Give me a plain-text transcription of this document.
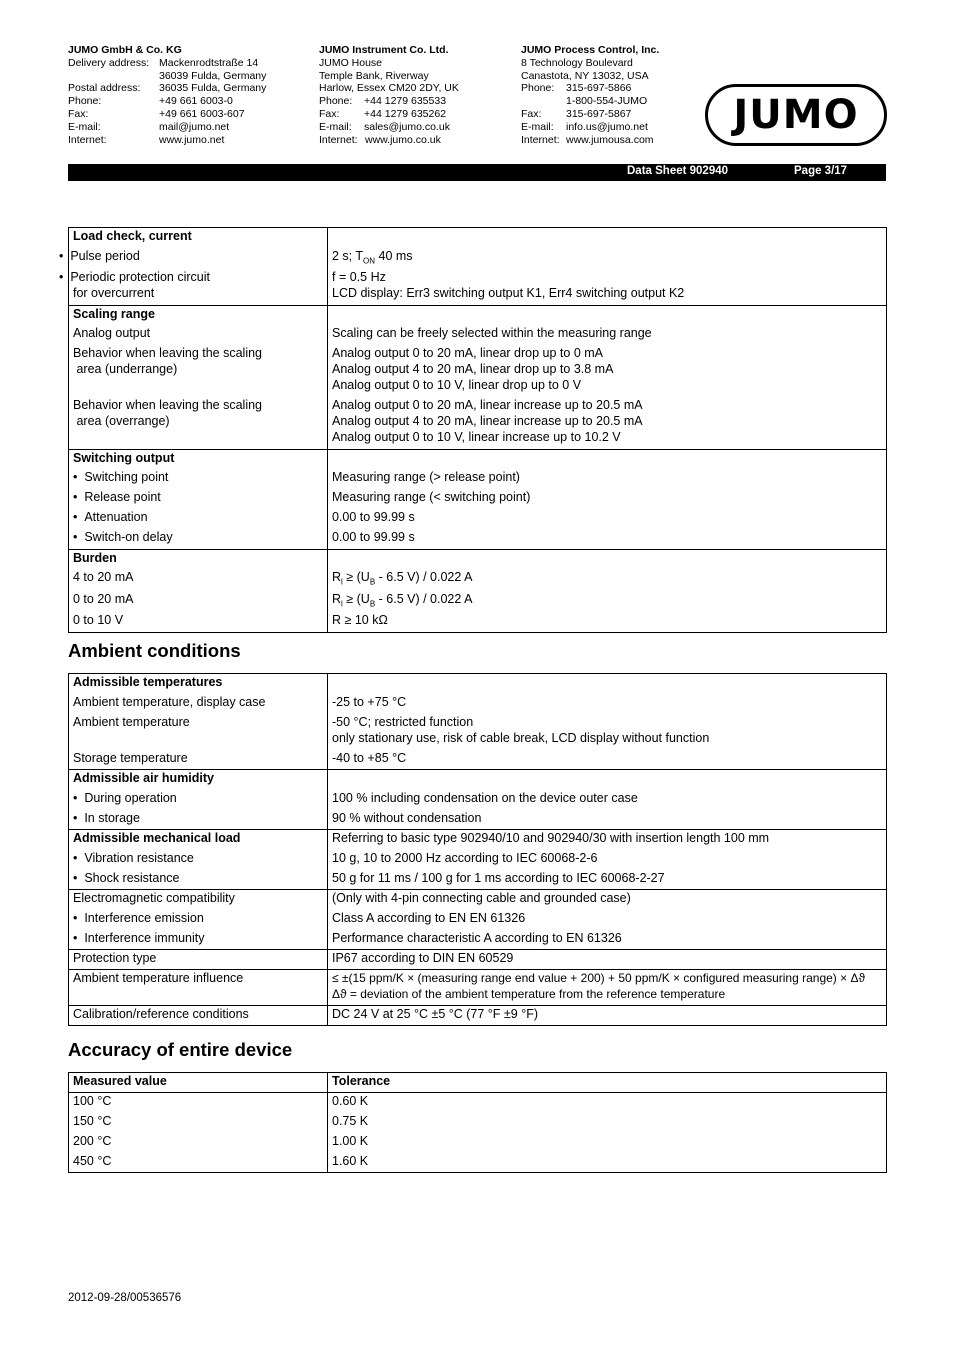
JUMO GmbH & Co. KG
Delivery address: Mackenrodtstraße 14
36039 Fulda, Germany
Postal address:	36035 Fulda, Germany
Phone:	+49 661 6003-0
Fax:	+49 661 6003-607
E-mail:	mail@jumo.net
Internet:	www.jumo.net
JUMO Instrument Co. Ltd.
JUMO House
Temple Bank, Riverway
Harlow, Essex CM20 2DY, UK
Phone:	+44 1279 635533
Fax:	+44 1279 635262
E-mail:	sales@jumo.co.uk
Internet: www.jumo.co.uk
JUMO Process Control, Inc.
8 Technology Boulevard
Canastota, NY 13032, USA
Phone:	315-697-5866
1-800-554-JUMO
Fax:	315-697-5867
E-mail:	info.us@jumo.net
Internet: www.jumousa.com
JUMO
Data Sheet 902940	Page 3/17
Load check, current	
•  Pulse period	2 s; $T_{ON}$ 40 ms
•  Periodic protection circuit
for overcurrent	f = 0.5 Hz
LCD display: Err3 switching output K1, Err4 switching output K2
Scaling range	
Analog output	Scaling can be freely selected within the measuring range
Behavior when leaving the scaling
area (underrange)	Analog output 0 to 20 mA, linear drop up to 0 mA
Analog output 4 to 20 mA, linear drop up to 3.8 mA
Analog output 0 to 10 V, linear drop up to 0 V
Behavior when leaving the scaling
area (overrange)	Analog output 0 to 20 mA, linear increase up to 20.5 mA
Analog output 4 to 20 mA, linear increase up to 20.5 mA
Analog output 0 to 10 V, linear increase up to 10.2 V
Switching output	
•  Switching point	Measuring range (> release point)
•  Release point	Measuring range (< switching point)
•  Attenuation	0.00 to 99.99 s
•  Switch-on delay	0.00 to 99.99 s
Burden	
4 to 20 mA	$R_l \ge (U_B - 6.5$ V) / 0.022 A
0 to 20 mA	$R_l \ge (U_B - 6.5$ V) / 0.022 A
0 to 10 V	R ≥ 10 kΩ
Ambient conditions
Admissible temperatures	
Ambient temperature, display case	-25 to +75 °C
Ambient temperature	-50 °C; restricted function
only stationary use, risk of cable break, LCD display without function
Storage temperature	-40 to +85 °C
Admissible air humidity	
•  During operation	100 % including condensation on the device outer case
•  In storage	90 % without condensation
Admissible mechanical load	Referring to basic type 902940/10 and 902940/30 with insertion length 100 mm
•  Vibration resistance	10 g, 10 to 2000 Hz according to IEC 60068-2-6
•  Shock resistance	50 g for 11 ms / 100 g for 1 ms according to IEC 60068-2-27
Electromagnetic compatibility	(Only with 4-pin connecting cable and grounded case)
•  Interference emission	Class A according to EN EN 61326
•  Interference immunity	Performance characteristic A according to EN 61326
Protection type	IP67 according to DIN EN 60529
Ambient temperature influence	≤ ±(15 ppm/K × (measuring range end value + 200) + 50 ppm/K × configured measuring range) × Δϑ
Δϑ = deviation of the ambient temperature from the reference temperature
Calibration/reference conditions	DC 24 V at 25 °C ±5 °C (77 °F ±9 °F)
Accuracy of entire device
Measured value	Tolerance
100 °C	0.60 K
150 °C	0.75 K
200 °C	1.00 K
450 °C	1.60 K
2012-09-28/00536576
